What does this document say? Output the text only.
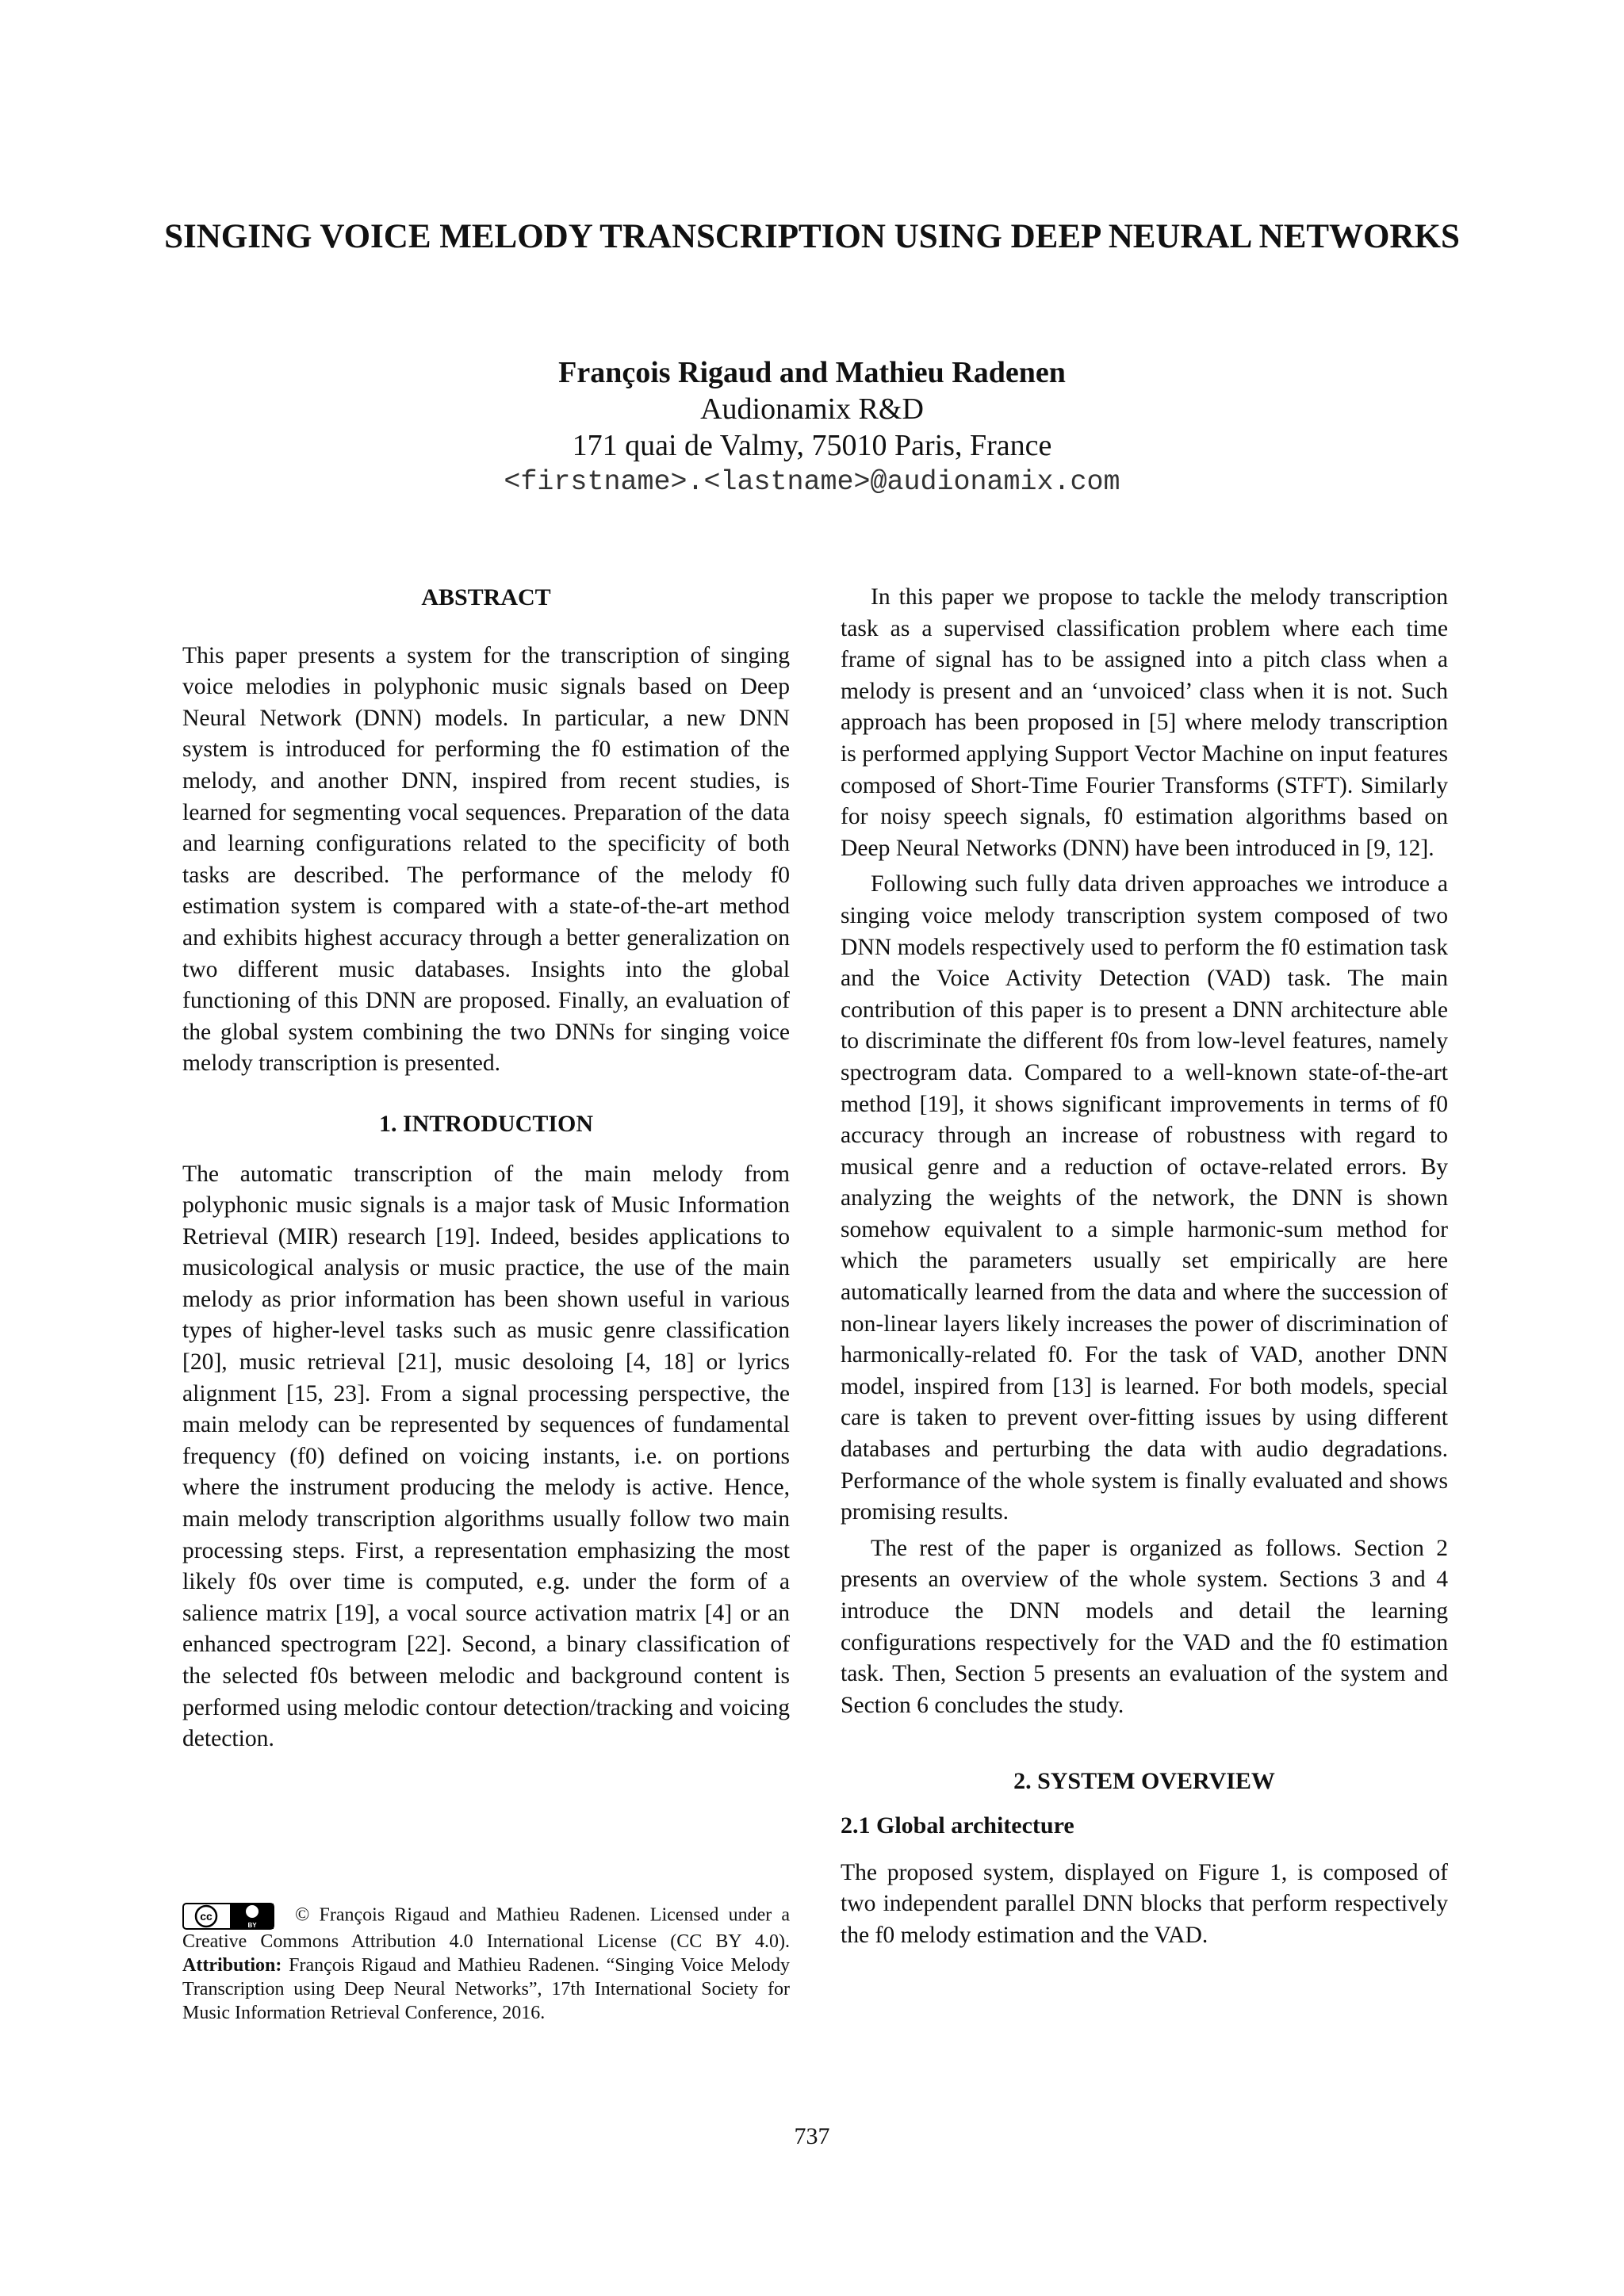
SINGING VOICE MELODY TRANSCRIPTION USING DEEP NEURAL NETWORKS
François Rigaud and Mathieu Radenen
Audionamix R&D
171 quai de Valmy, 75010 Paris, France
<firstname>.<lastname>@audionamix.com

ABSTRACT

This paper presents a system for the transcription of singing voice melodies in polyphonic music signals based on Deep Neural Network (DNN) models. In particular, a new DNN system is introduced for performing the f0 estimation of the melody, and another DNN, inspired from recent studies, is learned for segmenting vocal sequences. Preparation of the data and learning configurations related to the specificity of both tasks are described. The performance of the melody f0 estimation system is compared with a state-of-the-art method and exhibits highest accuracy through a better generalization on two different music databases. Insights into the global functioning of this DNN are proposed. Finally, an evaluation of the global system combining the two DNNs for singing voice melody transcription is presented.

1. INTRODUCTION

The automatic transcription of the main melody from polyphonic music signals is a major task of Music Information Retrieval (MIR) research [19]. Indeed, besides applications to musicological analysis or music practice, the use of the main melody as prior information has been shown useful in various types of higher-level tasks such as music genre classification [20], music retrieval [21], music desoloing [4, 18] or lyrics alignment [15, 23]. From a signal processing perspective, the main melody can be represented by sequences of fundamental frequency (f0) defined on voicing instants, i.e. on portions where the instrument producing the melody is active. Hence, main melody transcription algorithms usually follow two main processing steps. First, a representation emphasizing the most likely f0s over time is computed, e.g. under the form of a salience matrix [19], a vocal source activation matrix [4] or an enhanced spectrogram [22]. Second, a binary classification of the selected f0s between melodic and background content is performed using melodic contour detection/tracking and voicing detection.

In this paper we propose to tackle the melody transcription task as a supervised classification problem where each time frame of signal has to be assigned into a pitch class when a melody is present and an ‘unvoiced’ class when it is not. Such approach has been proposed in [5] where melody transcription is performed applying Support Vector Machine on input features composed of Short-Time Fourier Transforms (STFT). Similarly for noisy speech signals, f0 estimation algorithms based on Deep Neural Networks (DNN) have been introduced in [9, 12].

Following such fully data driven approaches we introduce a singing voice melody transcription system composed of two DNN models respectively used to perform the f0 estimation task and the Voice Activity Detection (VAD) task. The main contribution of this paper is to present a DNN architecture able to discriminate the different f0s from low-level features, namely spectrogram data. Compared to a well-known state-of-the-art method [19], it shows significant improvements in terms of f0 accuracy through an increase of robustness with regard to musical genre and a reduction of octave-related errors. By analyzing the weights of the network, the DNN is shown somehow equivalent to a simple harmonic-sum method for which the parameters usually set empirically are here automatically learned from the data and where the succession of non-linear layers likely increases the power of discrimination of harmonically-related f0. For the task of VAD, another DNN model, inspired from [13] is learned. For both models, special care is taken to prevent over-fitting issues by using different databases and perturbing the data with audio degradations. Performance of the whole system is finally evaluated and shows promising results.

The rest of the paper is organized as follows. Section 2 presents an overview of the whole system. Sections 3 and 4 introduce the DNN models and detail the learning configurations respectively for the VAD and the f0 estimation task. Then, Section 5 presents an evaluation of the system and Section 6 concludes the study.

2. SYSTEM OVERVIEW

2.1 Global architecture

The proposed system, displayed on Figure 1, is composed of two independent parallel DNN blocks that perform respectively the f0 melody estimation and the VAD.

cc
BY © François Rigaud and Mathieu Radenen. Licensed under a Creative Commons Attribution 4.0 International License (CC BY 4.0). Attribution: François Rigaud and Mathieu Radenen. “Singing Voice Melody Transcription using Deep Neural Networks”, 17th International Society for Music Information Retrieval Conference, 2016.
737
